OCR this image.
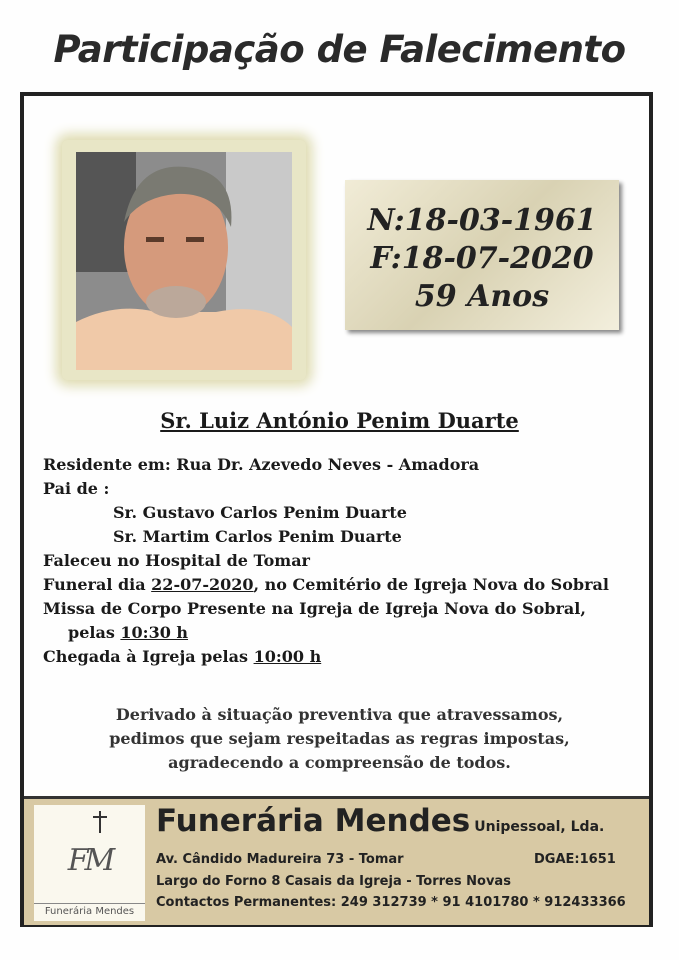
Participação de Falecimento
N:18-03-1961
F:18-07-2020
59 Anos
Sr. Luiz António Penim Duarte
Residente em: Rua Dr. Azevedo Neves - Amadora
Pai de :
Sr. Gustavo Carlos Penim Duarte
Sr. Martim Carlos Penim Duarte
Faleceu no Hospital de Tomar
Funeral dia 22-07-2020, no Cemitério de Igreja Nova do Sobral
Missa de Corpo Presente na Igreja de Igreja Nova do Sobral,
pelas 10:30 h
Chegada à Igreja pelas 10:00 h
Derivado à situação preventiva que atravessamos,
pedimos que sejam respeitadas as regras impostas,
agradecendo a compreensão de todos.
FM
Funerária Mendes
Funerária Mendes Unipessoal, Lda.
Av. Cândido Madureira 73 - Tomar	DGAE:1651
Largo do Forno 8 Casais da Igreja - Torres Novas
Contactos Permanentes: 249 312739 * 91 4101780 * 912433366
